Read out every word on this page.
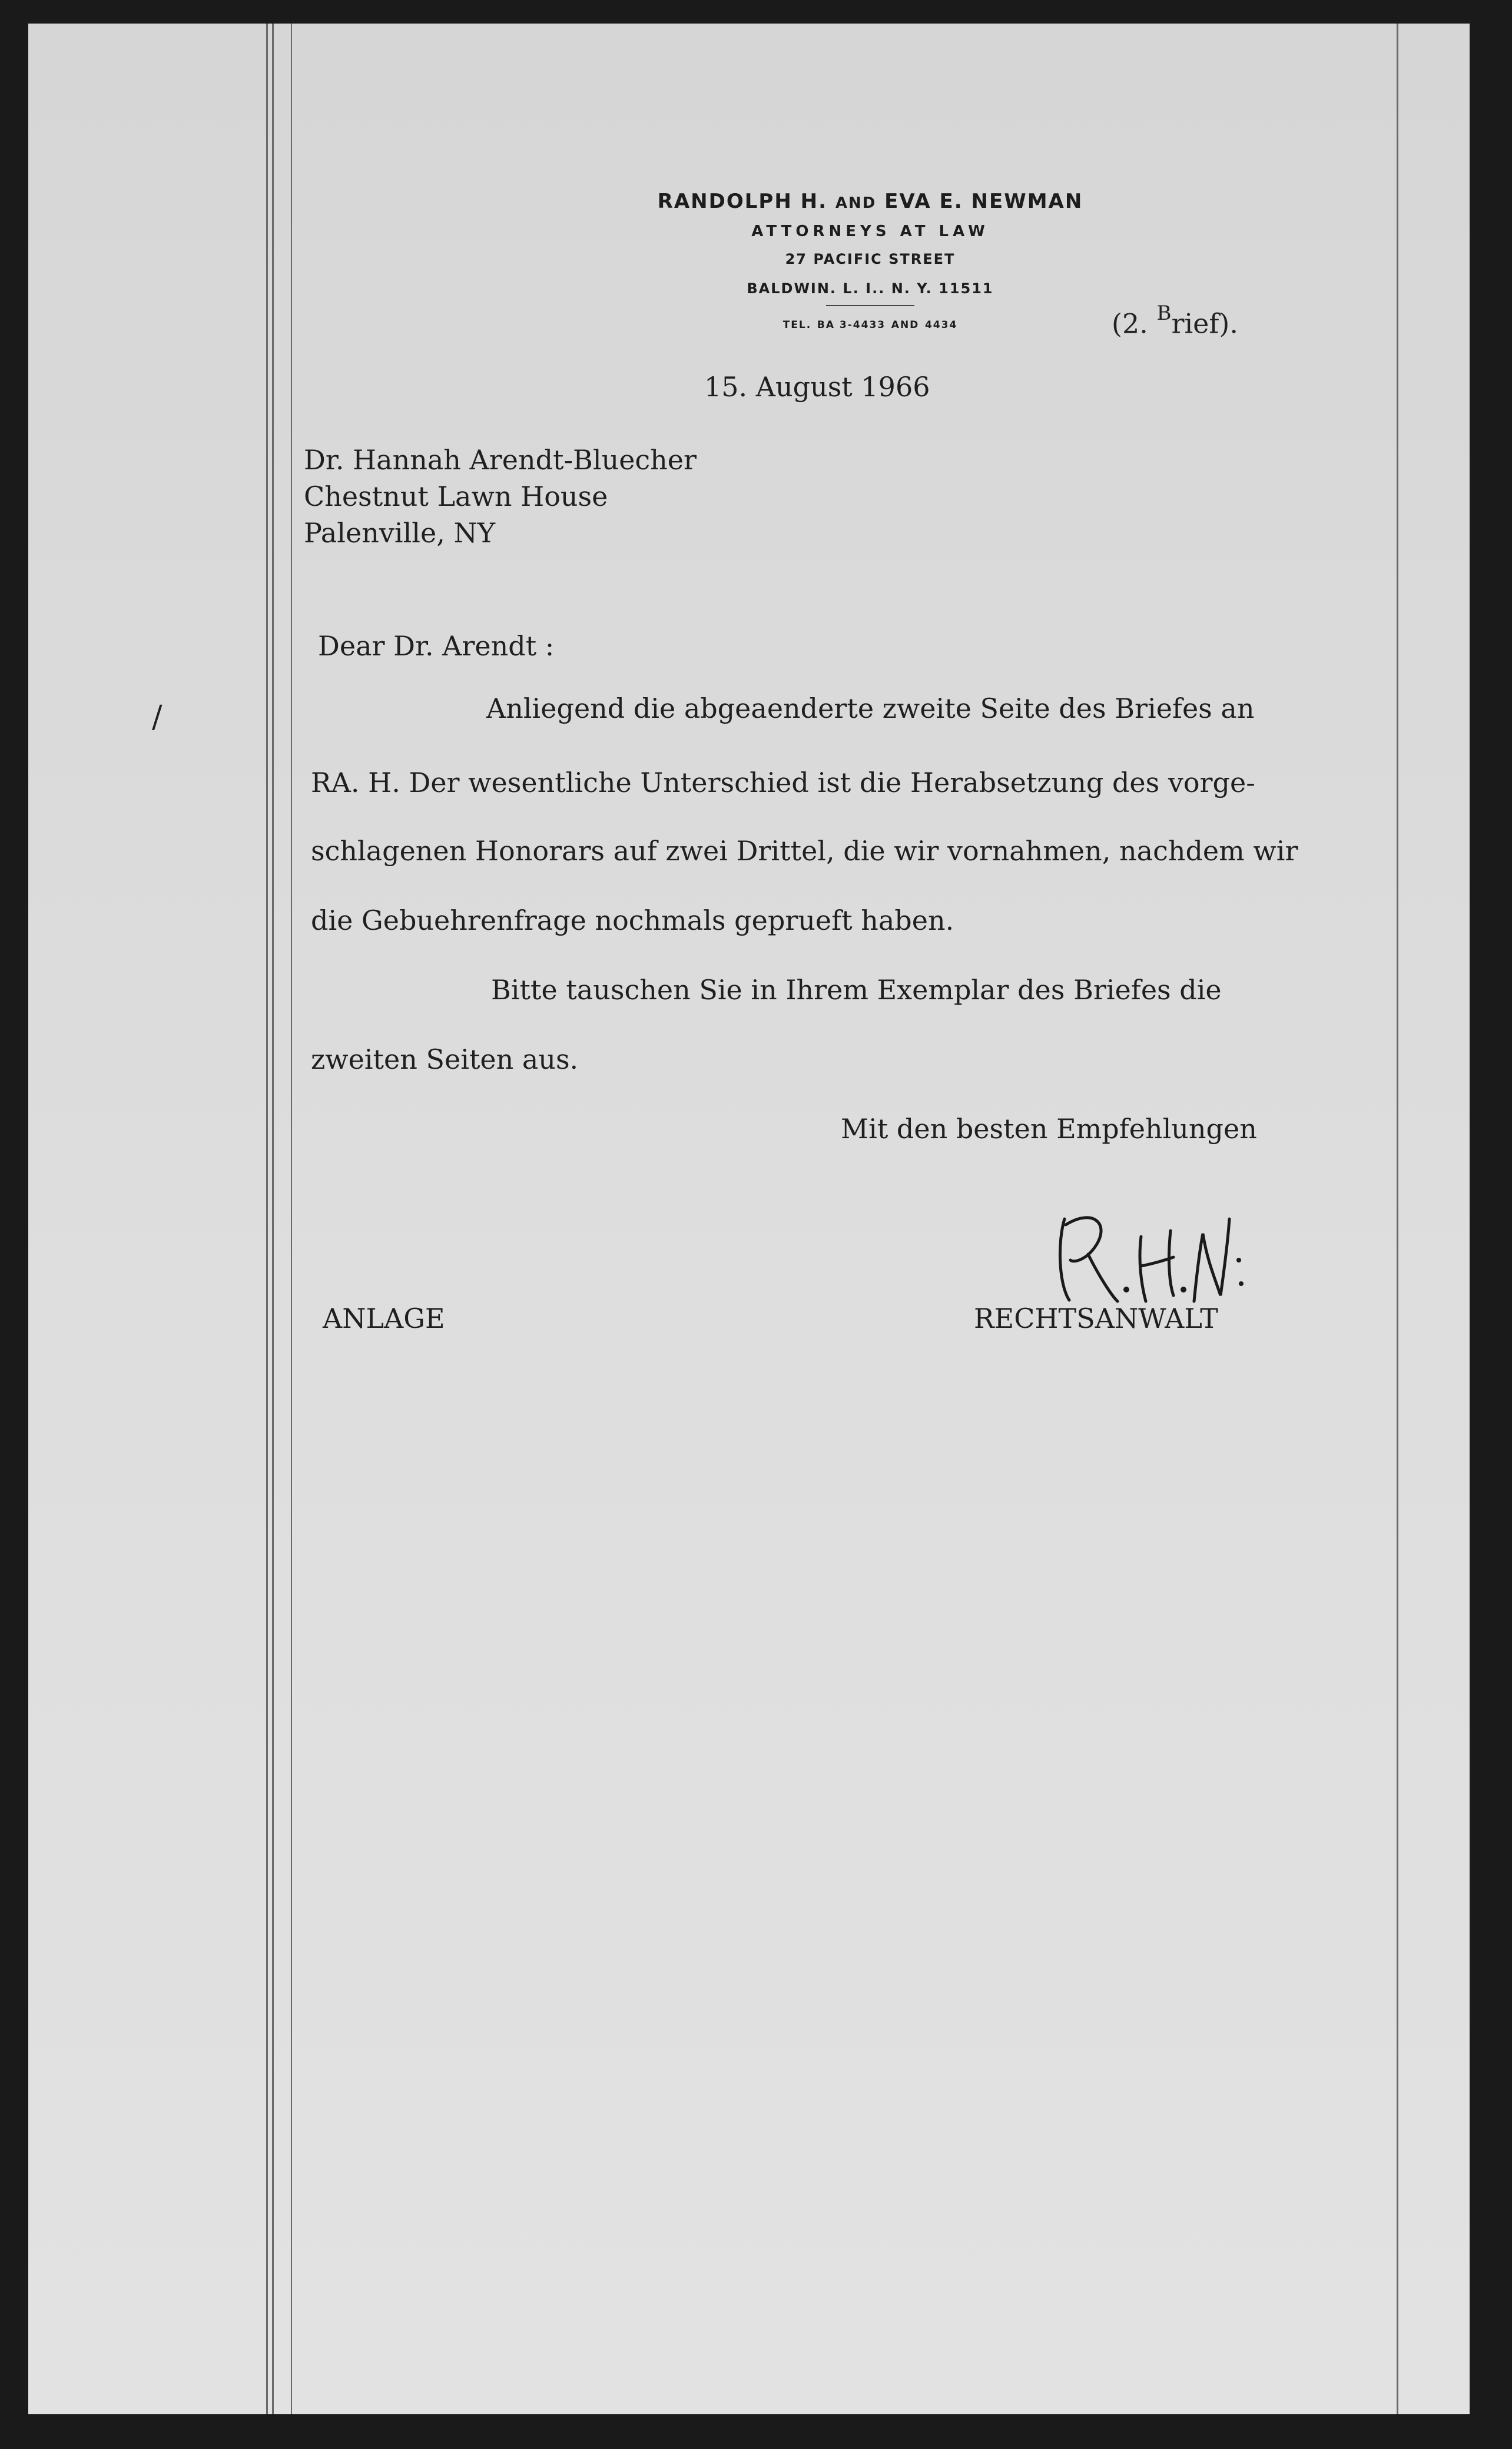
RANDOLPH H. AND EVA E. NEWMAN
ATTORNEYS AT LAW
27 PACIFIC STREET
BALDWIN. L. I.. N. Y. 11511
TEL. BA 3-4433 AND 4434	(2. $^B$rief).
15. August 1966
Dr. Hannah Arendt-Bluecher
Chestnut Lawn House
Palenville, NY
Dear Dr. Arendt :
/	Anliegend die abgeaenderte zweite Seite des Briefes an
RA. H. Der wesentliche Unterschied ist die Herabsetzung des vorge-
schlagenen Honorars auf zwei Drittel, die wir vornahmen, nachdem wir
die Gebuehrenfrage nochmals geprueft haben.
Bitte tauschen Sie in Ihrem Exemplar des Briefes die
zweiten Seiten aus.
Mit den besten Empfehlungen
ANLAGE	RECHTSANWALT
